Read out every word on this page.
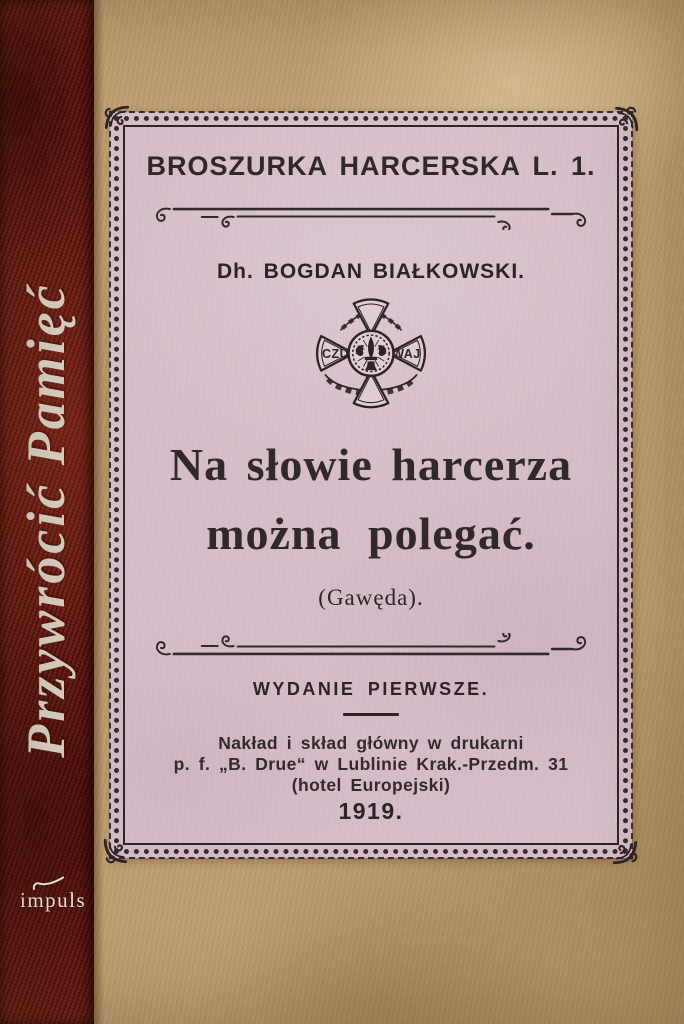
Przywrócić Pamięć
impuls
BROSZURKA HARCERSKA L. 1.
Dh. BOGDAN BIAŁKOWSKI.
CZU	WAJ
Na słowie harcerza
można polegać.
(Gawęda).
WYDANIE PIERWSZE.
Nakład i skład główny w drukarni
p. f. „B. Drue“ w Lublinie Krak.-Przedm. 31
(hotel Europejski)
1919.
